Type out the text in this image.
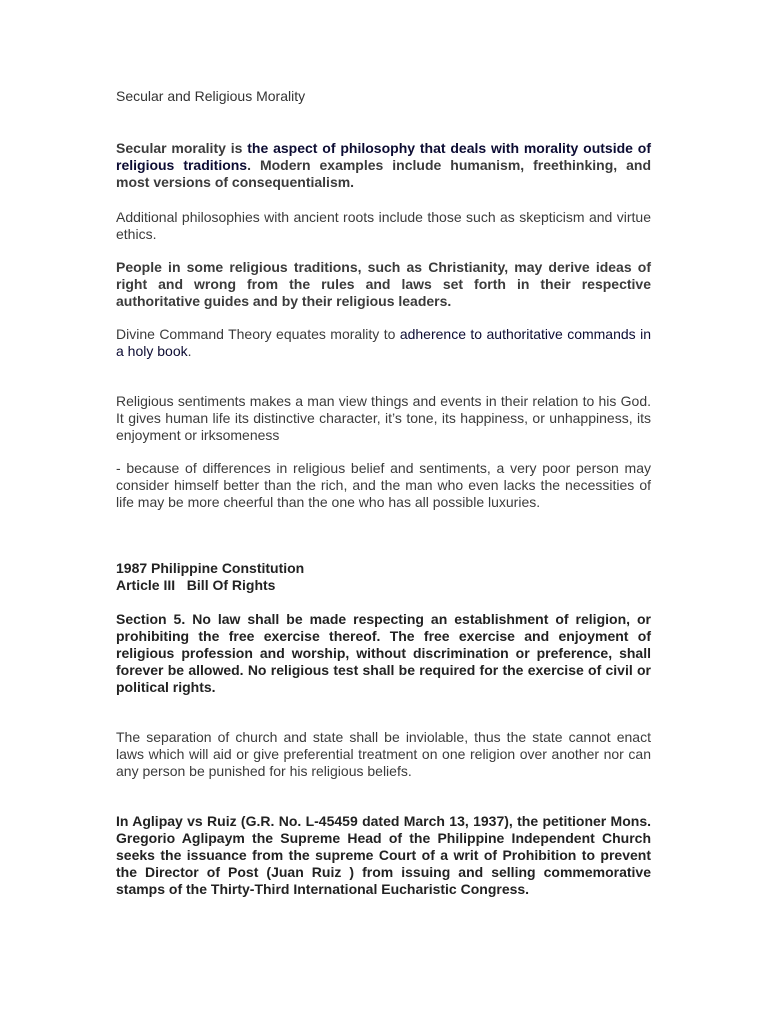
Secular and Religious Morality

Secular morality is the aspect of philosophy that deals with morality outside of religious traditions. Modern examples include humanism, freethinking, and most versions of consequentialism.

Additional philosophies with ancient roots include those such as skepticism and virtue ethics.

People in some religious traditions, such as Christianity, may derive ideas of right and wrong from the rules and laws set forth in their respective authoritative guides and by their religious leaders.

Divine Command Theory equates morality to adherence to authoritative commands in a holy book.

Religious sentiments makes a man view things and events in their relation to his God. It gives human life its distinctive character, it’s tone, its happiness, or unhappiness, its enjoyment or irksomeness

- because of differences in religious belief and sentiments, a very poor person may consider himself better than the rich, and the man who even lacks the necessities of life may be more cheerful than the one who has all possible luxuries.

1987 Philippine Constitution
Article III   Bill Of Rights

Section 5. No law shall be made respecting an establishment of religion, or prohibiting the free exercise thereof. The free exercise and enjoyment of religious profession and worship, without discrimination or preference, shall forever be allowed. No religious test shall be required for the exercise of civil or political rights.

The separation of church and state shall be inviolable, thus the state cannot enact laws which will aid or give preferential treatment on one religion over another nor can any person be punished for his religious beliefs.

In Aglipay vs Ruiz (G.R. No. L-45459 dated March 13, 1937), the petitioner Mons. Gregorio Aglipaym the Supreme Head of the Philippine Independent Church seeks the issuance from the supreme Court of a writ of Prohibition to prevent the Director of Post (Juan Ruiz ) from issuing and selling commemorative stamps of the Thirty-Third International Eucharistic Congress.
